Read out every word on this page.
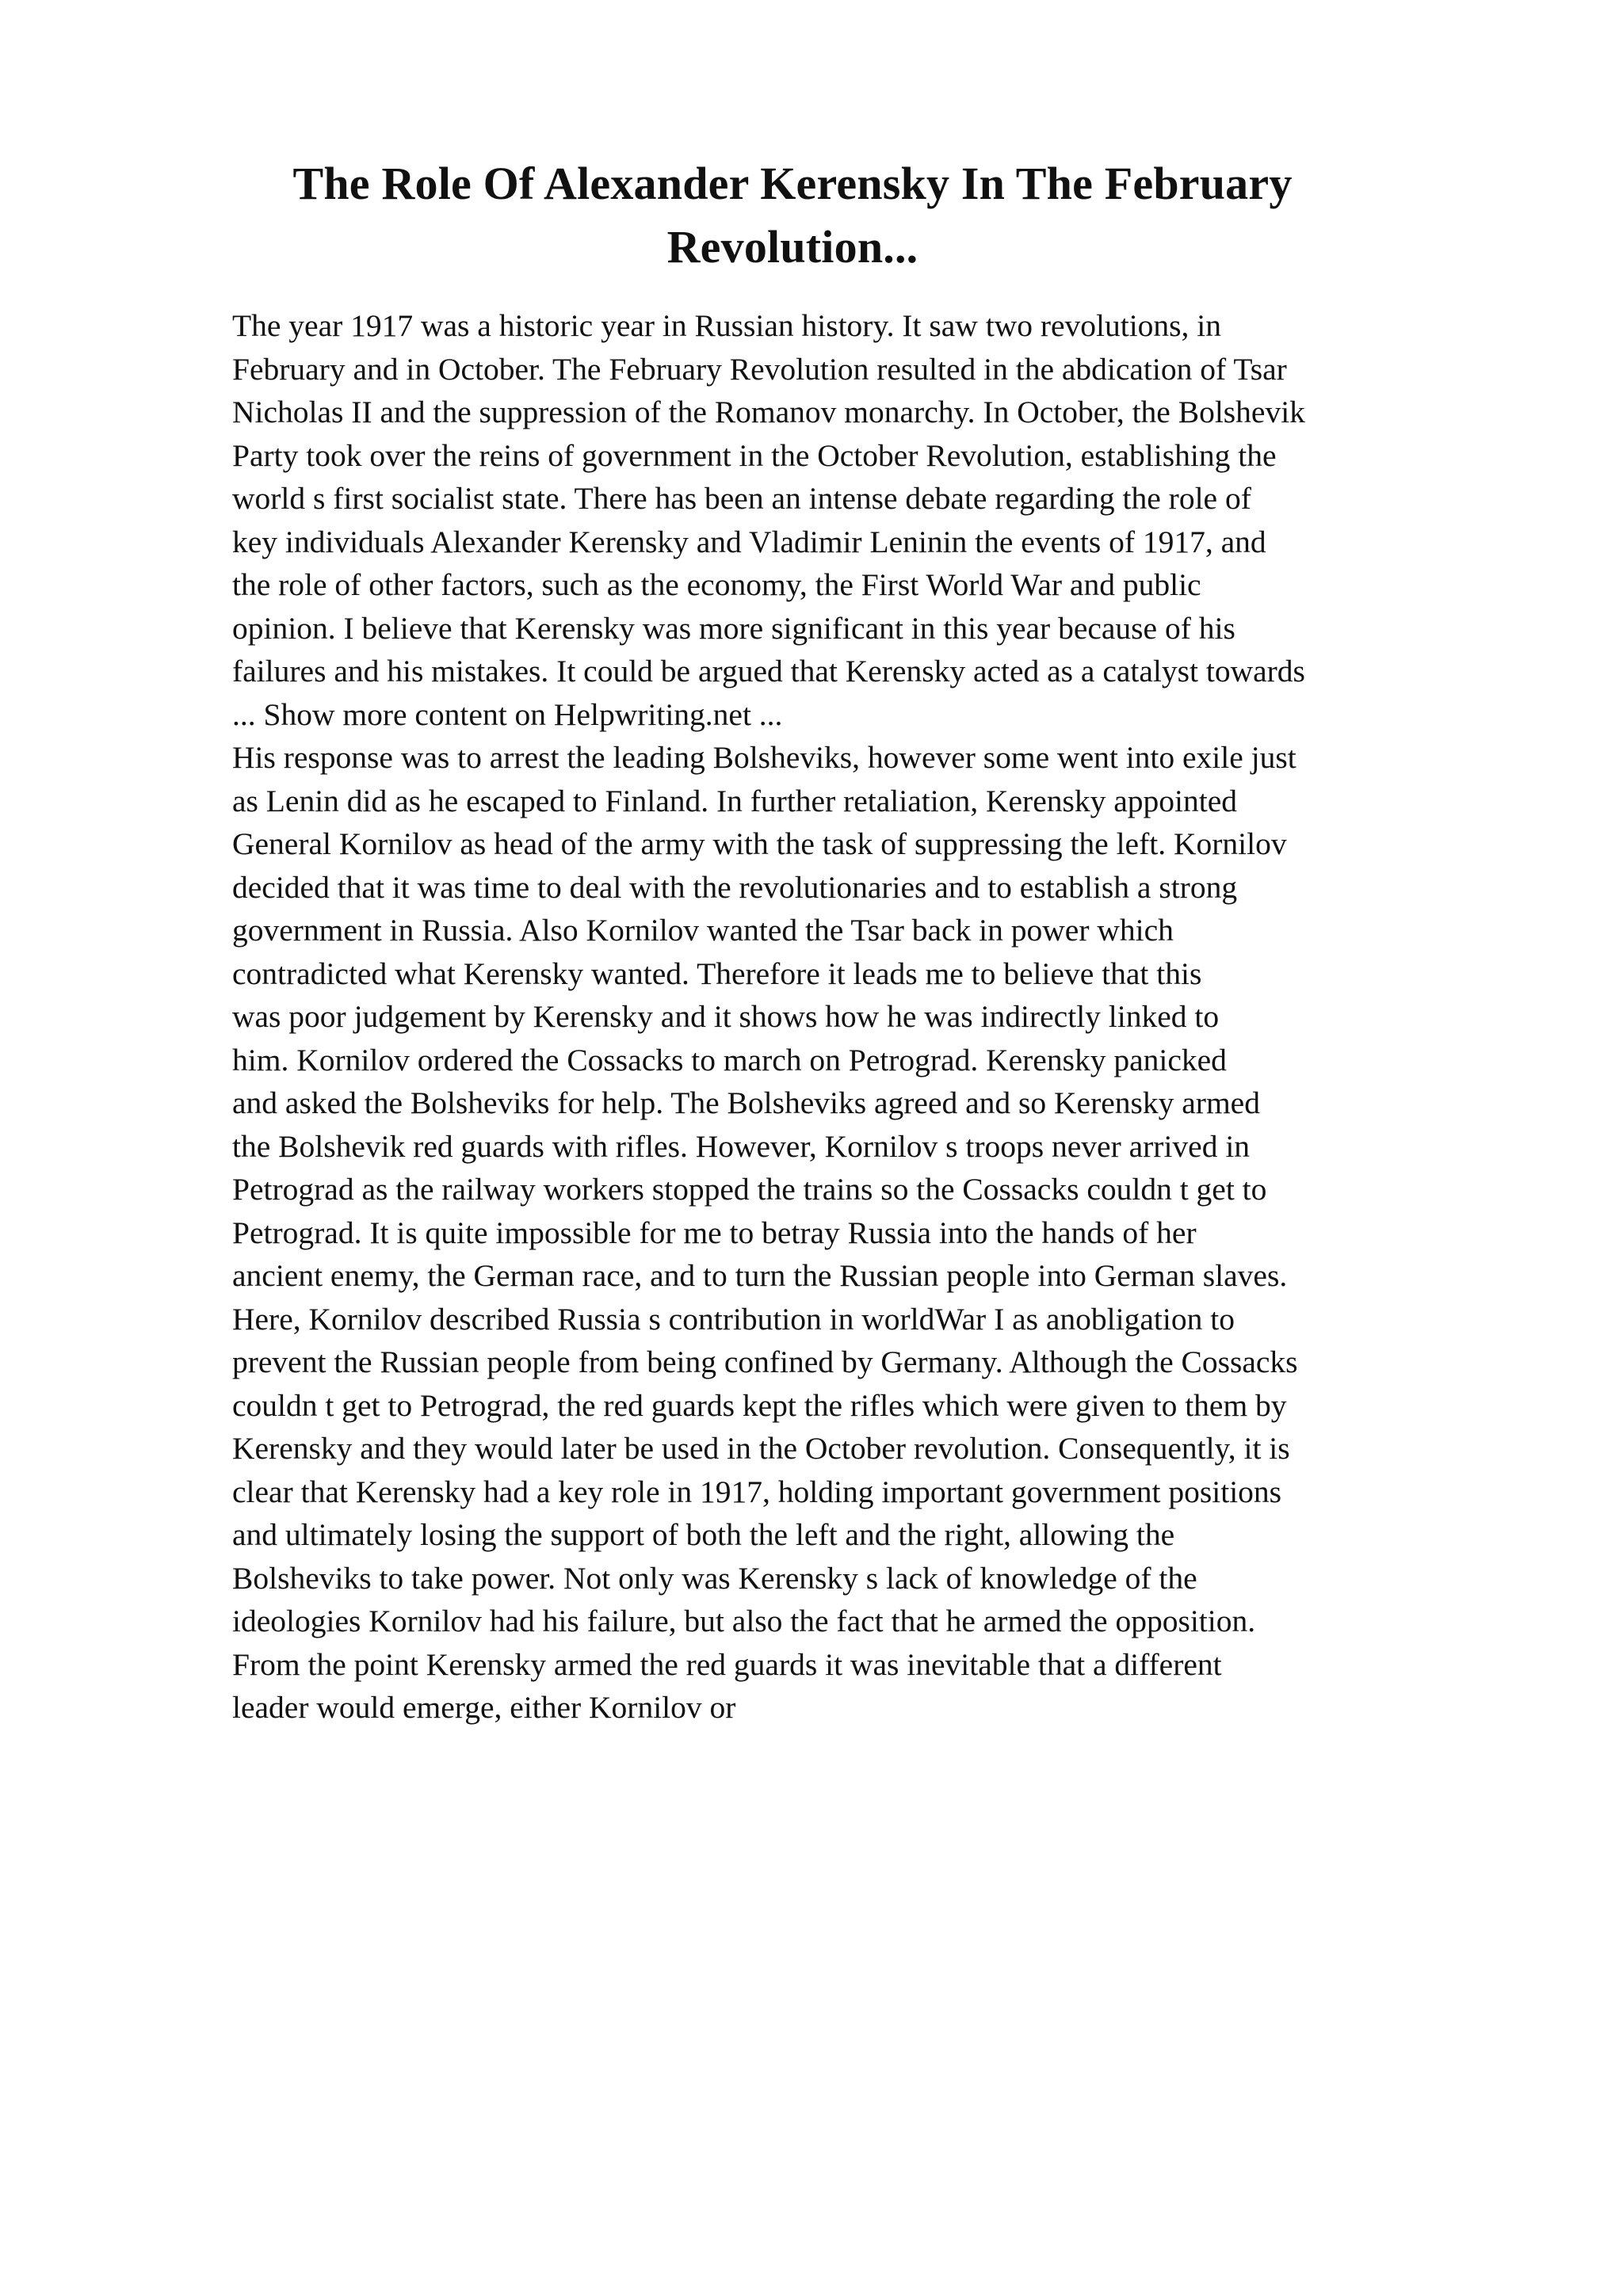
The Role Of Alexander Kerensky In The February
Revolution...
The year 1917 was a historic year in Russian history. It saw two revolutions, in
February and in October. The February Revolution resulted in the abdication of Tsar
Nicholas II and the suppression of the Romanov monarchy. In October, the Bolshevik
Party took over the reins of government in the October Revolution, establishing the
world s first socialist state. There has been an intense debate regarding the role of
key individuals Alexander Kerensky and Vladimir Leninin the events of 1917, and
the role of other factors, such as the economy, the First World War and public
opinion. I believe that Kerensky was more significant in this year because of his
failures and his mistakes. It could be argued that Kerensky acted as a catalyst towards
... Show more content on Helpwriting.net ...
His response was to arrest the leading Bolsheviks, however some went into exile just
as Lenin did as he escaped to Finland. In further retaliation, Kerensky appointed
General Kornilov as head of the army with the task of suppressing the left. Kornilov
decided that it was time to deal with the revolutionaries and to establish a strong
government in Russia. Also Kornilov wanted the Tsar back in power which
contradicted what Kerensky wanted. Therefore it leads me to believe that this
was poor judgement by Kerensky and it shows how he was indirectly linked to
him. Kornilov ordered the Cossacks to march on Petrograd. Kerensky panicked
and asked the Bolsheviks for help. The Bolsheviks agreed and so Kerensky armed
the Bolshevik red guards with rifles. However, Kornilov s troops never arrived in
Petrograd as the railway workers stopped the trains so the Cossacks couldn t get to
Petrograd. It is quite impossible for me to betray Russia into the hands of her
ancient enemy, the German race, and to turn the Russian people into German slaves.
Here, Kornilov described Russia s contribution in worldWar I as anobligation to
prevent the Russian people from being confined by Germany. Although the Cossacks
couldn t get to Petrograd, the red guards kept the rifles which were given to them by
Kerensky and they would later be used in the October revolution. Consequently, it is
clear that Kerensky had a key role in 1917, holding important government positions
and ultimately losing the support of both the left and the right, allowing the
Bolsheviks to take power. Not only was Kerensky s lack of knowledge of the
ideologies Kornilov had his failure, but also the fact that he armed the opposition.
From the point Kerensky armed the red guards it was inevitable that a different
leader would emerge, either Kornilov or
